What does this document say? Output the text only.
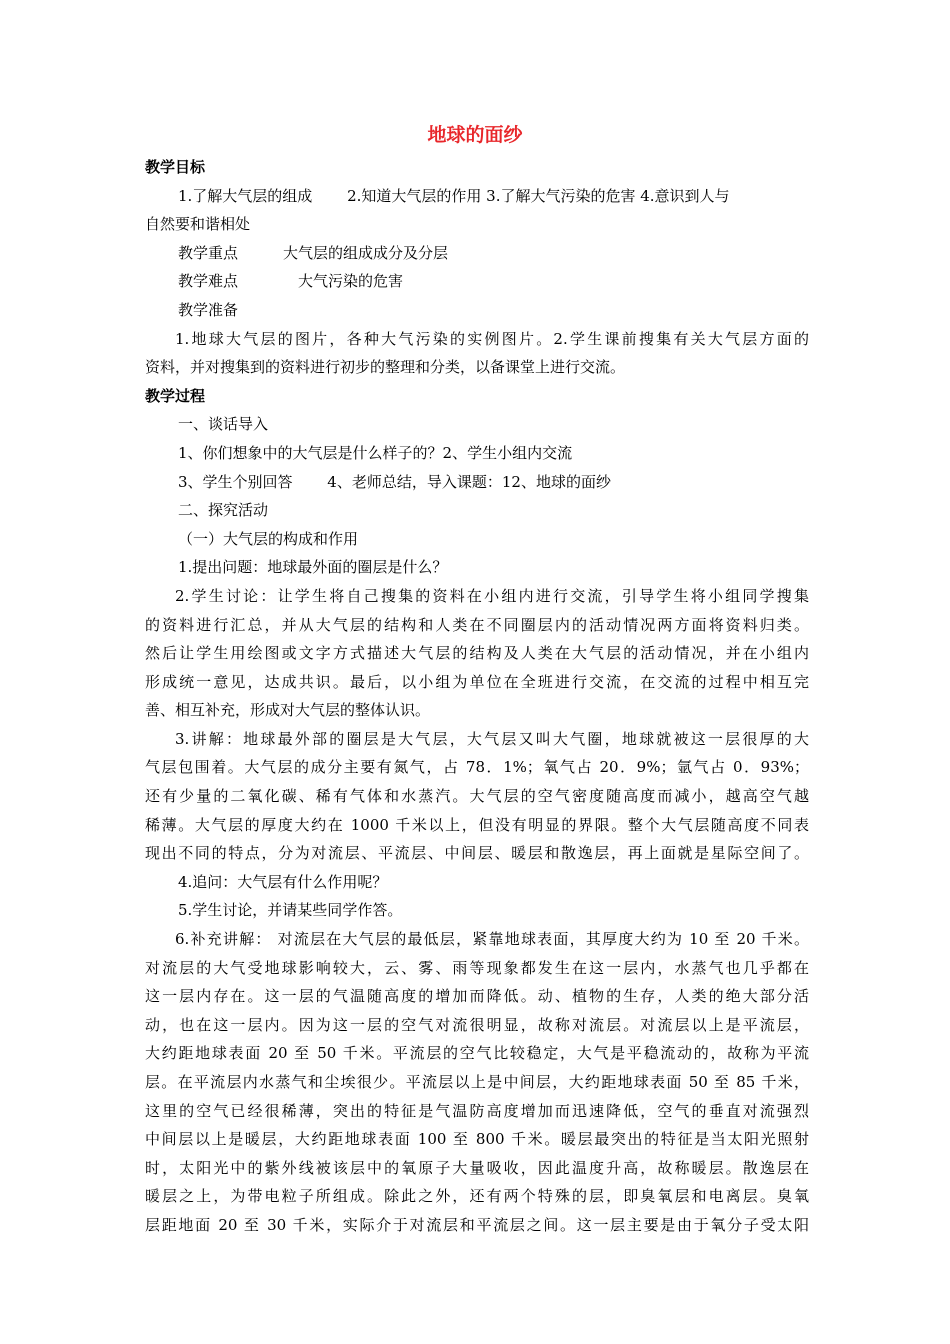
地球的面纱
教学目标
1.了解大气层的组成　　 2.知道大气层的作用 3.了解大气污染的危害 4.意识到人与
自然要和谐相处
教学重点　　　大气层的组成成分及分层
教学难点　　　　大气污染的危害
教学准备
1.地球大气层的图片，各种大气污染的实例图片。2.学生课前搜集有关大气层方面的
资料，并对搜集到的资料进行初步的整理和分类，以备课堂上进行交流。
教学过程
一、谈话导入
1、你们想象中的大气层是什么样子的？2、学生小组内交流
3、学生个别回答　　 4、老师总结，导入课题：12、地球的面纱
二、探究活动
（一）大气层的构成和作用
1.提出问题：地球最外面的圈层是什么？
2.学生讨论：让学生将自己搜集的资料在小组内进行交流，引导学生将小组同学搜集
的资料进行汇总，并从大气层的结构和人类在不同圈层内的活动情况两方面将资料归类。
然后让学生用绘图或文字方式描述大气层的结构及人类在大气层的活动情况，并在小组内
形成统一意见，达成共识。最后，以小组为单位在全班进行交流，在交流的过程中相互完
善、相互补充，形成对大气层的整体认识。
3.讲解：地球最外部的圈层是大气层，大气层又叫大气圈，地球就被这一层很厚的大
气层包围着。大气层的成分主要有氮气，占 78．1%；氧气占 20．9%；氩气占 0．93%；
还有少量的二氧化碳、稀有气体和水蒸汽。大气层的空气密度随高度而减小，越高空气越
稀薄。大气层的厚度大约在 1000 千米以上，但没有明显的界限。整个大气层随高度不同表
现出不同的特点，分为对流层、平流层、中间层、暖层和散逸层，再上面就是星际空间了。
4.追问：大气层有什么作用呢？
5.学生讨论，并请某些同学作答。
6.补充讲解： 对流层在大气层的最低层，紧靠地球表面，其厚度大约为 10 至 20 千米。
对流层的大气受地球影响较大，云、雾、雨等现象都发生在这一层内，水蒸气也几乎都在
这一层内存在。这一层的气温随高度的增加而降低。动、植物的生存，人类的绝大部分活
动，也在这一层内。因为这一层的空气对流很明显，故称对流层。对流层以上是平流层，
大约距地球表面 20 至 50 千米。平流层的空气比较稳定，大气是平稳流动的，故称为平流
层。在平流层内水蒸气和尘埃很少。平流层以上是中间层，大约距地球表面 50 至 85 千米，
这里的空气已经很稀薄，突出的特征是气温防高度增加而迅速降低，空气的垂直对流强烈
中间层以上是暖层，大约距地球表面 100 至 800 千米。暖层最突出的特征是当太阳光照射
时，太阳光中的紫外线被该层中的氧原子大量吸收，因此温度升高，故称暖层。散逸层在
暖层之上，为带电粒子所组成。除此之外，还有两个特殊的层，即臭氧层和电离层。臭氧
层距地面 20 至 30 千米，实际介于对流层和平流层之间。这一层主要是由于氧分子受太阳
